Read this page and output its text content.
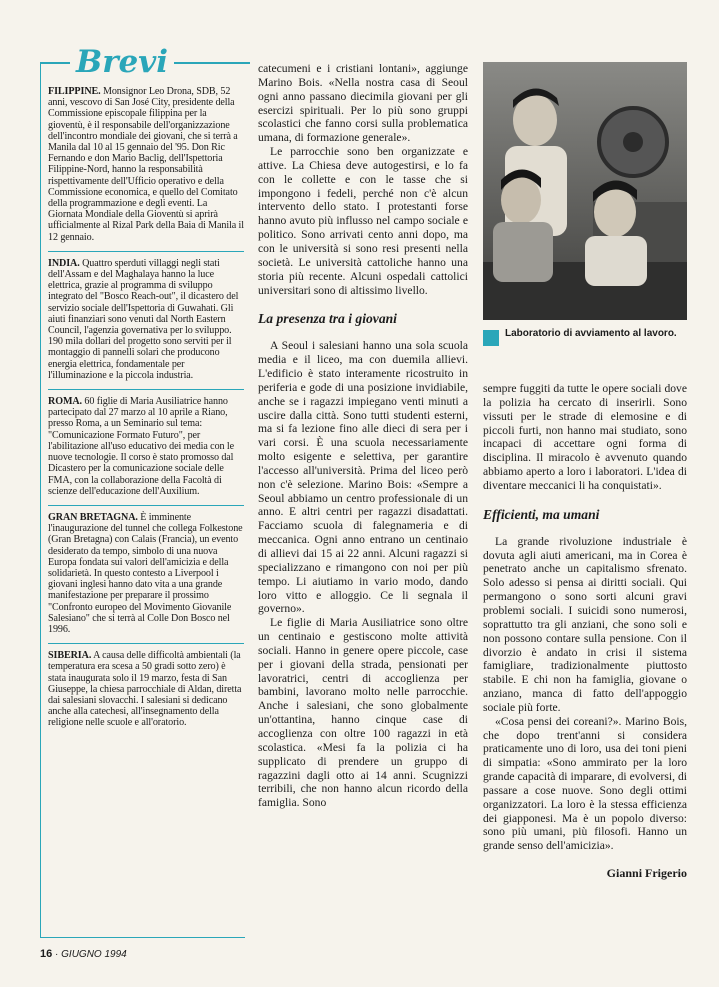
Brevi

FILIPPINE. Monsignor Leo Drona, SDB, 52 anni, vescovo di San José City, presidente della Commissione episcopale filippina per la gioventù, è il responsabile dell'organizzazione dell'incontro mondiale dei giovani, che si terrà a Manila dal 10 al 15 gennaio del '95. Don Ric Fernando e don Mario Baclig, dell'Ispettoria Filippine-Nord, hanno la responsabilità rispettivamente dell'Ufficio operativo e della Commissione economica, e quello del Comitato della programmazione e degli eventi. La Giornata Mondiale della Gioventù si aprirà ufficialmente al Rizal Park della Baia di Manila il 12 gennaio.

INDIA. Quattro sperduti villaggi negli stati dell'Assam e del Maghalaya hanno la luce elettrica, grazie al programma di sviluppo integrato del "Bosco Reach-out", il dicastero del servizio sociale dell'Ispettoria di Guwahati. Gli aiuti finanziari sono venuti dal North Eastern Council, l'agenzia governativa per lo sviluppo. 190 mila dollari del progetto sono serviti per il montaggio di pannelli solari che producono energia elettrica, fondamentale per l'illuminazione e la piccola industria.

ROMA. 60 figlie di Maria Ausiliatrice hanno partecipato dal 27 marzo al 10 aprile a Riano, presso Roma, a un Seminario sul tema: "Comunicazione Formato Futuro", per l'abilitazione all'uso educativo dei media con le nuove tecnologie. Il corso è stato promosso dal Dicastero per la comunicazione sociale delle FMA, con la collaborazione della Facoltà di scienze dell'educazione dell'Auxilium.

GRAN BRETAGNA. È imminente l'inaugurazione del tunnel che collega Folkestone (Gran Bretagna) con Calais (Francia), un evento desiderato da tempo, simbolo di una nuova Europa fondata sui valori dell'amicizia e della solidarietà. In questo contesto a Liverpool i giovani inglesi hanno dato vita a una grande manifestazione per preparare il prossimo "Confronto europeo del Movimento Giovanile Salesiano" che si terrà al Colle Don Bosco nel 1996.

SIBERIA. A causa delle difficoltà ambientali (la temperatura era scesa a 50 gradi sotto zero) è stata inaugurata solo il 19 marzo, festa di San Giuseppe, la chiesa parrocchiale di Aldan, diretta dai salesiani slovacchi. I salesiani si dedicano anche alla catechesi, all'insegnamento della religione nelle scuole e all'oratorio.

catecumeni e i cristiani lontani», aggiunge Marino Bois. «Nella nostra casa di Seoul ogni anno passano diecimila giovani per gli esercizi spirituali. Per lo più sono gruppi scolastici che fanno corsi sulla problematica umana, di formazione generale».

Le parrocchie sono ben organizzate e attive. La Chiesa deve autogestirsi, e lo fa con le collette e con le tasse che si impongono i fedeli, perché non c'è alcun intervento dello stato. I protestanti forse hanno avuto più influsso nel campo sociale e politico. Sono arrivati cento anni dopo, ma con le università si sono resi presenti nella società. Le università cattoliche hanno una storia più recente. Alcuni ospedali cattolici universitari sono di altissimo livello.

La presenza tra i giovani

A Seoul i salesiani hanno una sola scuola media e il liceo, ma con duemila allievi. L'edificio è stato interamente ricostruito in periferia e gode di una posizione invidiabile, anche se i ragazzi impiegano venti minuti a uscire dalla città. Sono tutti studenti esterni, ma si fa lezione fino alle dieci di sera per i vari corsi. È una scuola necessariamente molto esigente e selettiva, per garantire l'accesso all'università. Prima del liceo però non c'è selezione. Marino Bois: «Sempre a Seoul abbiamo un centro professionale di un anno. E altri centri per ragazzi disadattati. Facciamo scuola di falegnameria e di meccanica. Ogni anno entrano un centinaio di allievi dai 15 ai 22 anni. Alcuni ragazzi si specializzano e rimangono con noi per più tempo. Li aiutiamo in vario modo, dando loro vitto e alloggio. Ce li segnala il governo».

Le figlie di Maria Ausiliatrice sono oltre un centinaio e gestiscono molte attività sociali. Hanno in genere opere piccole, case per i giovani della strada, pensionati per lavoratrici, centri di accoglienza per bambini, lavorano molto nelle parrocchie. Anche i salesiani, che sono globalmente un'ottantina, hanno cinque case di accoglienza con oltre 100 ragazzi in età scolastica. «Mesi fa la polizia ci ha supplicato di prendere un gruppo di ragazzini dagli otto ai 14 anni. Scugnizzi terribili, che non hanno alcun ricordo della famiglia. Sono

Laboratorio di avviamento al lavoro.

sempre fuggiti da tutte le opere sociali dove la polizia ha cercato di inserirli. Sono vissuti per le strade di elemosine e di piccoli furti, non hanno mai studiato, sono incapaci di accettare ogni forma di disciplina. Il miracolo è avvenuto quando abbiamo aperto a loro i laboratori. L'idea di diventare meccanici li ha conquistati».

Efficienti, ma umani

La grande rivoluzione industriale è dovuta agli aiuti americani, ma in Corea è penetrato anche un capitalismo sfrenato. Solo adesso si pensa ai diritti sociali. Qui permangono o sono sorti alcuni gravi problemi sociali. I suicidi sono numerosi, soprattutto tra gli anziani, che sono soli e non possono contare sulla pensione. Con il divorzio è andato in crisi il sistema famigliare, tradizionalmente piuttosto stabile. E chi non ha famiglia, giovane o anziano, manca di fatto dell'appoggio sociale più forte.

«Cosa pensi dei coreani?». Marino Bois, che dopo trent'anni si considera praticamente uno di loro, usa dei toni pieni di simpatia: «Sono ammirato per la loro grande capacità di imparare, di evolversi, di passare a cose nuove. Sono degli ottimi organizzatori. La loro è la stessa efficienza dei giapponesi. Ma è un popolo diverso: sono più umani, più filosofi. Hanno un grande senso dell'amicizia».

Gianni Frigerio
16 · GIUGNO 1994
